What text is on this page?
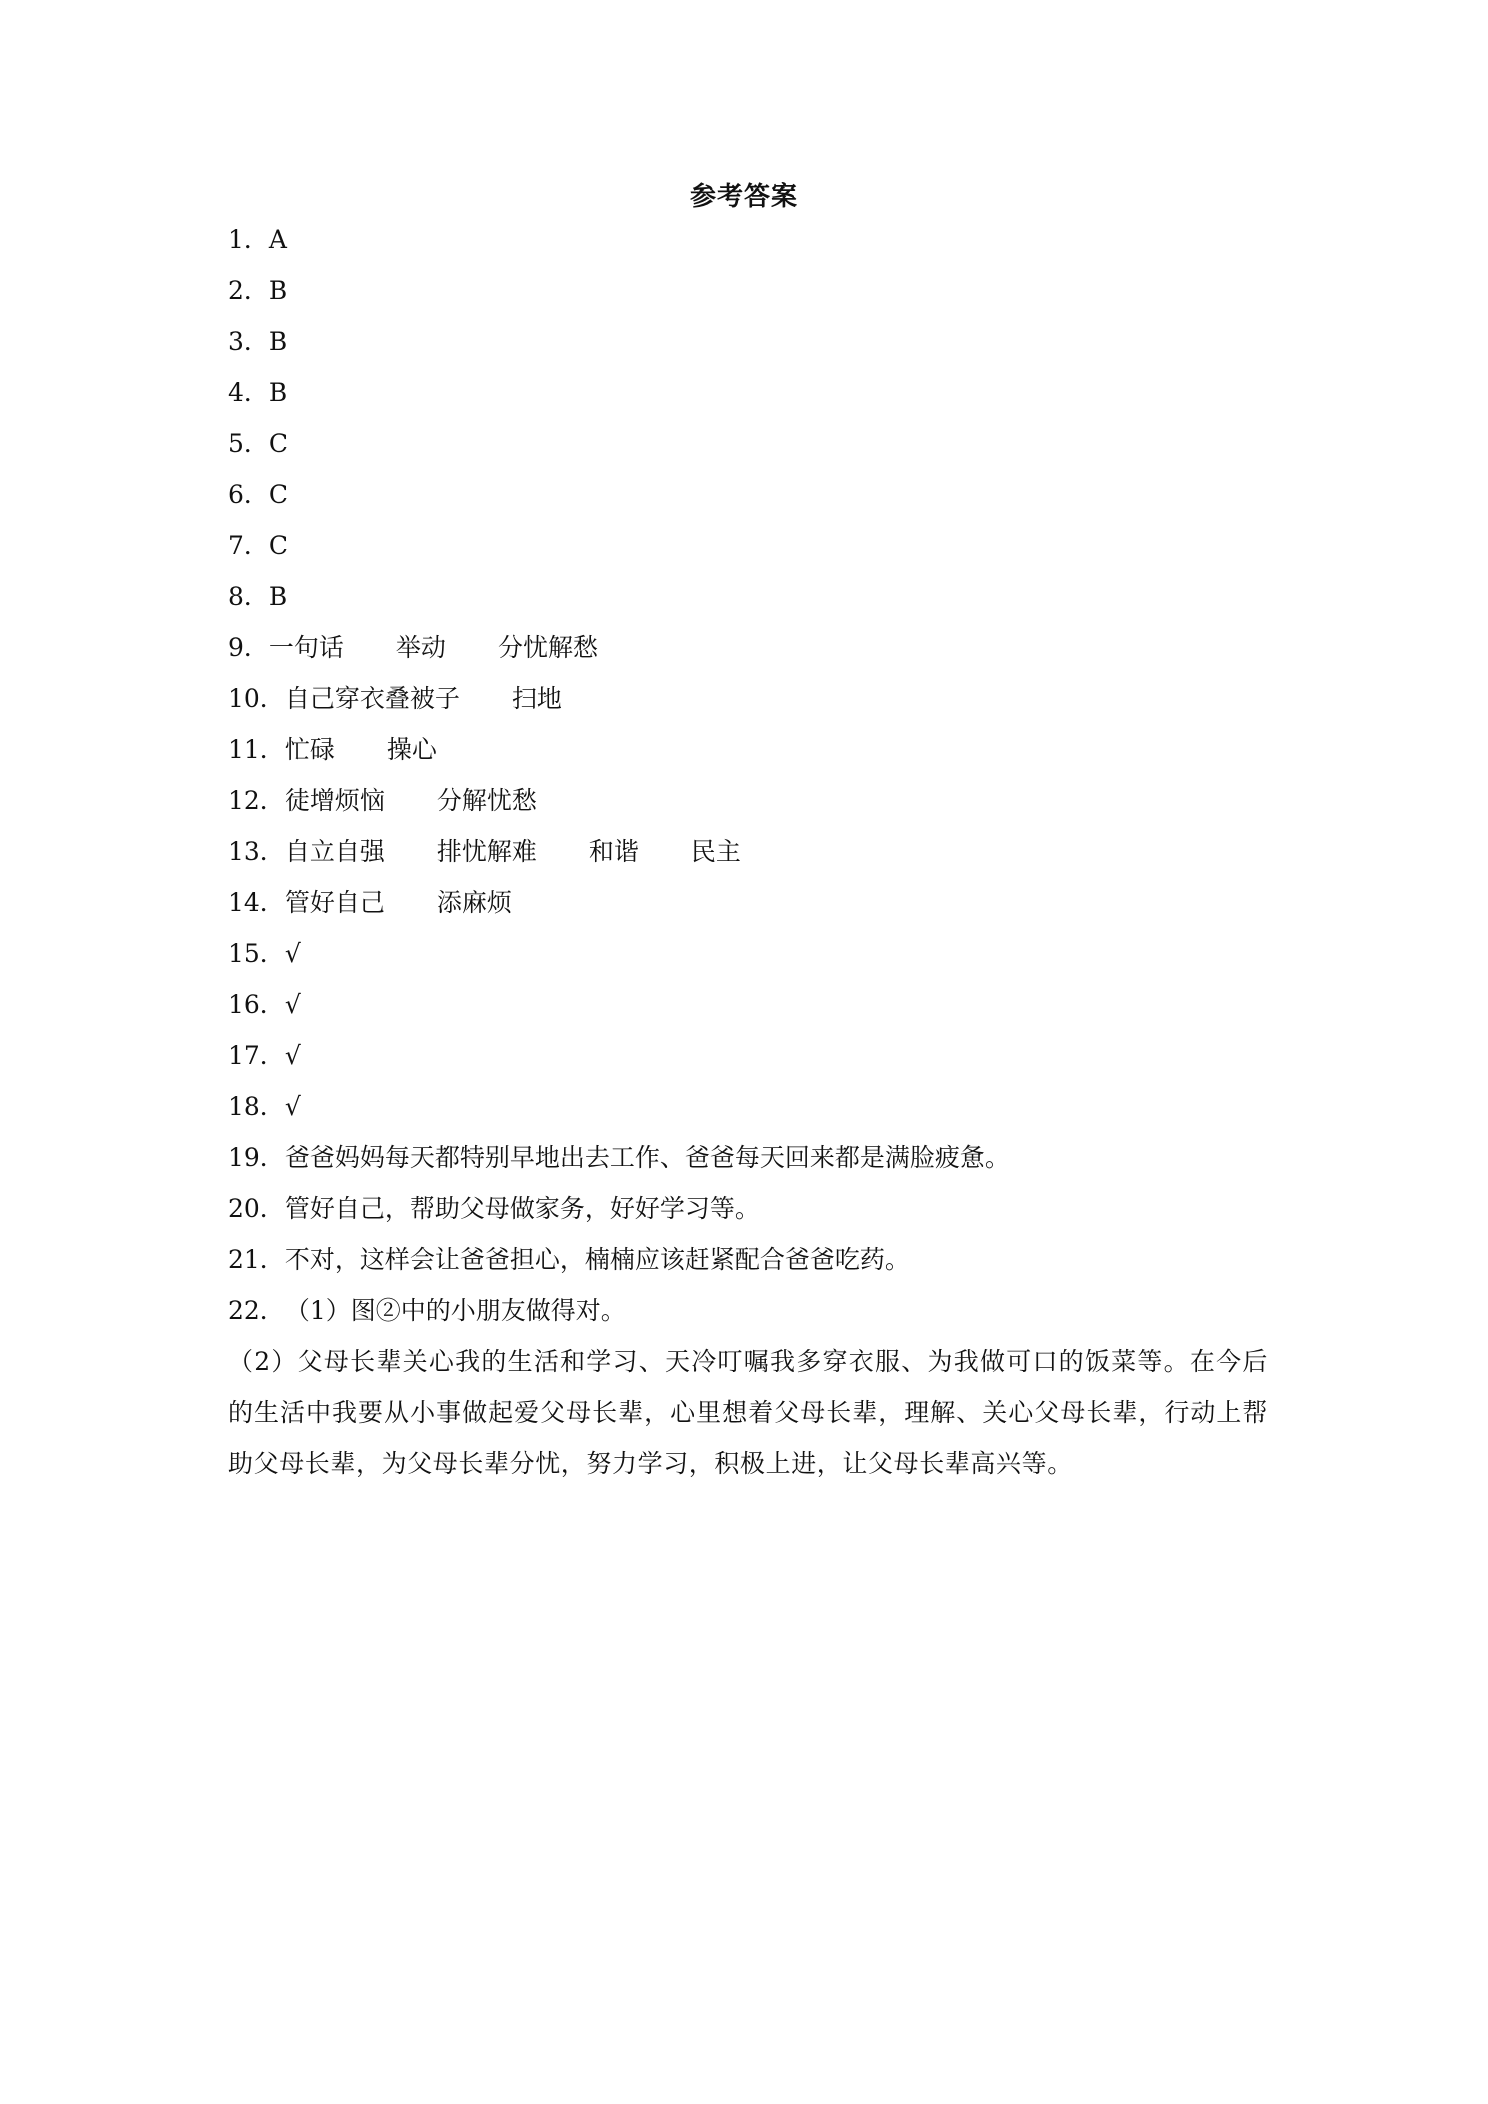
参考答案
1．A
2．B
3．B
4．B
5．C
6．C
7．C
8．B
9．一句话 举动 分忧解愁
10．自己穿衣叠被子 扫地
11．忙碌 操心
12．徒增烦恼 分解忧愁
13．自立自强 排忧解难 和谐 民主
14．管好自己 添麻烦
15．√
16．√
17．√
18．√
19．爸爸妈妈每天都特别早地出去工作、爸爸每天回来都是满脸疲惫。
20．管好自己，帮助父母做家务，好好学习等。
21．不对，这样会让爸爸担心，楠楠应该赶紧配合爸爸吃药。
22．（1）图②中的小朋友做得对。
（2）父母长辈关心我的生活和学习、天冷叮嘱我多穿衣服、为我做可口的饭菜等。在今后的生活中我要从小事做起爱父母长辈，心里想着父母长辈，理解、关心父母长辈，行动上帮助父母长辈，为父母长辈分忧，努力学习，积极上进，让父母长辈高兴等。
